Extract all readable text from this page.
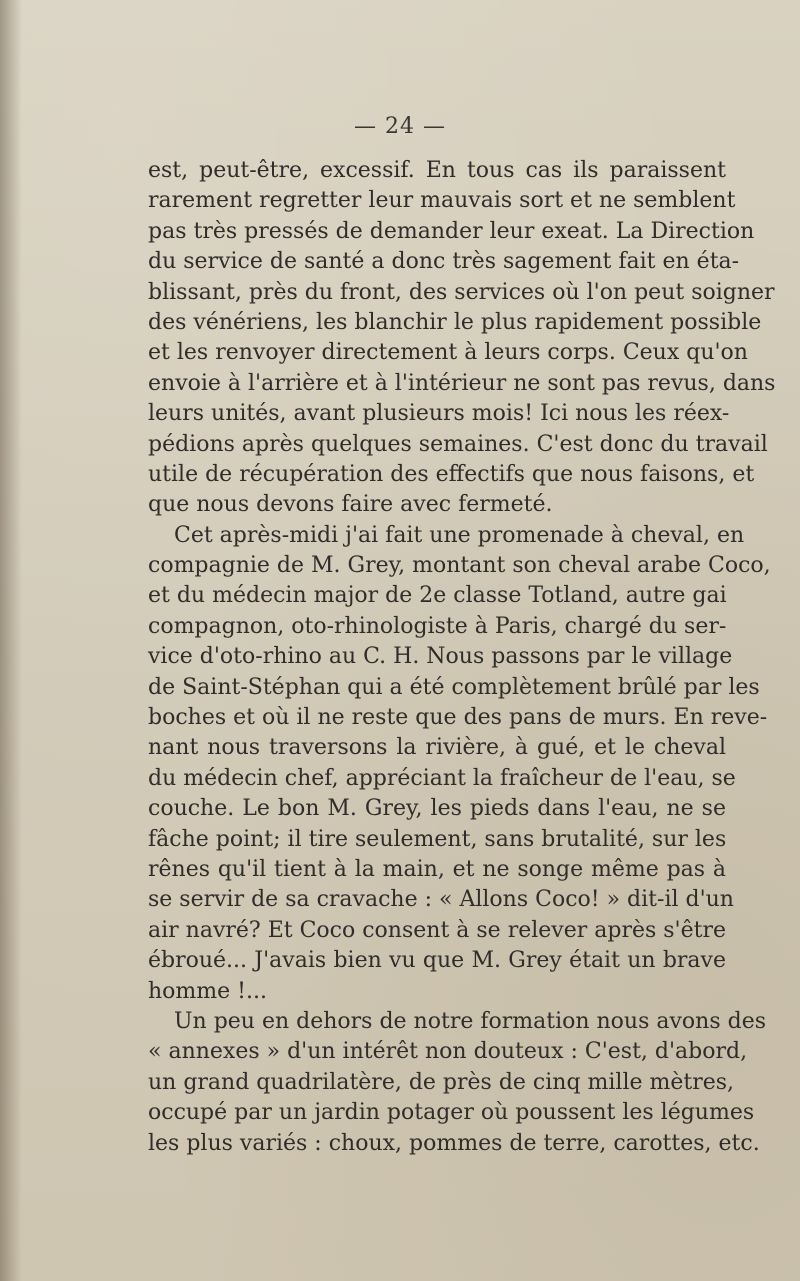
— 24 —
est, peut-être, excessif. En tous cas ils paraissent
rarement regretter leur mauvais sort et ne semblent
pas très pressés de demander leur exeat. La Direction
du service de santé a donc très sagement fait en éta-
blissant, près du front, des services où l'on peut soigner
des vénériens, les blanchir le plus rapidement possible
et les renvoyer directement à leurs corps. Ceux qu'on
envoie à l'arrière et à l'intérieur ne sont pas revus, dans
leurs unités, avant plusieurs mois! Ici nous les réex-
pédions après quelques semaines. C'est donc du travail
utile de récupération des effectifs que nous faisons, et
que nous devons faire avec fermeté.
Cet après-midi j'ai fait une promenade à cheval, en
compagnie de M. Grey, montant son cheval arabe Coco,
et du médecin major de 2e classe Totland, autre gai
compagnon, oto-rhinologiste à Paris, chargé du ser-
vice d'oto-rhino au C. H. Nous passons par le village
de Saint-Stéphan qui a été complètement brûlé par les
boches et où il ne reste que des pans de murs. En reve-
nant nous traversons la rivière, à gué, et le cheval
du médecin chef, appréciant la fraîcheur de l'eau, se
couche. Le bon M. Grey, les pieds dans l'eau, ne se
fâche point; il tire seulement, sans brutalité, sur les
rênes qu'il tient à la main, et ne songe même pas à
se servir de sa cravache : « Allons Coco! » dit-il d'un
air navré? Et Coco consent à se relever après s'être
ébroué... J'avais bien vu que M. Grey était un brave
homme !...
Un peu en dehors de notre formation nous avons des
« annexes » d'un intérêt non douteux : C'est, d'abord,
un grand quadrilatère, de près de cinq mille mètres,
occupé par un jardin potager où poussent les légumes
les plus variés : choux, pommes de terre, carottes, etc.
